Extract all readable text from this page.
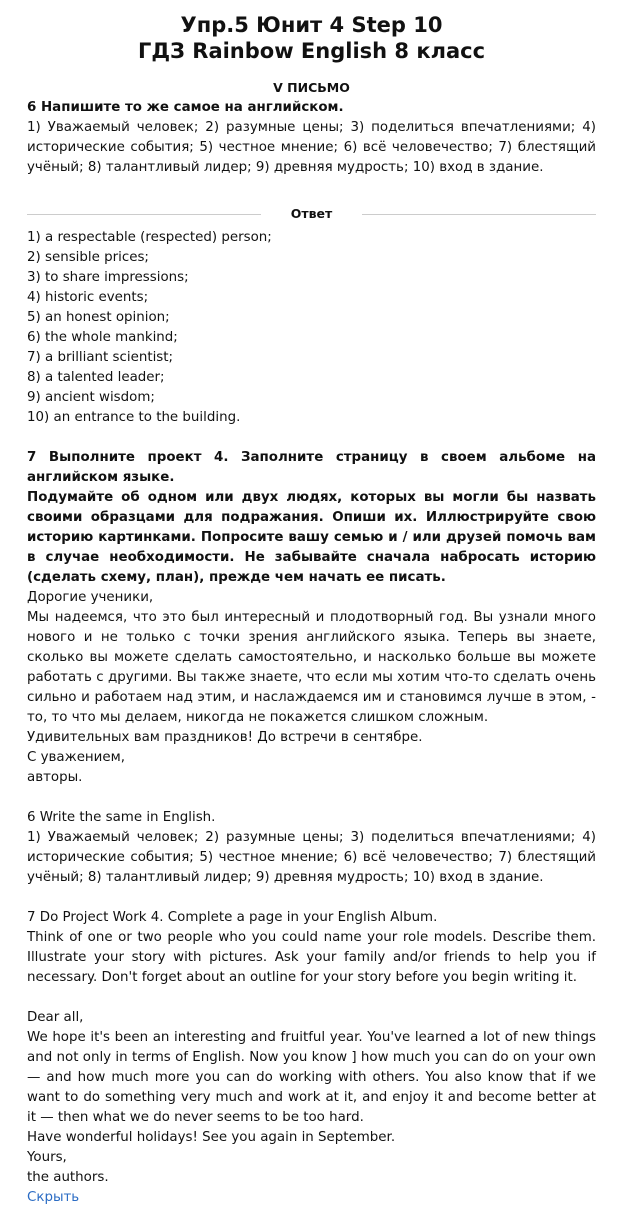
Упр.5 Юнит 4 Step 10
ГДЗ Rainbow English 8 класс
V ПИСЬМО

6 Напишите то же самое на английском.

1) Уважаемый человек; 2) разумные цены; 3) поделиться впечатлениями; 4) исторические события; 5) честное мнение; 6) всё человечество; 7) блестящий учёный; 8) талантливый лидер; 9) древняя мудрость; 10) вход в здание.

Ответ
1) a respectable (respected) person;
2) sensible prices;
3) to share impressions;
4) historic events;
5) an honest opinion;
6) the whole mankind;
7) a brilliant scientist;
8) a talented leader;
9) ancient wisdom;
10) an entrance to the building.

7 Выполните проект 4. Заполните страницу в своем альбоме на английском языке.

Подумайте об одном или двух людях, которых вы могли бы назвать своими образцами для подражания. Опиши их. Иллюстрируйте свою историю картинками. Попросите вашу семью и / или друзей помочь вам в случае необходимости. Не забывайте сначала набросать историю (сделать схему, план), прежде чем начать ее писать.

Дорогие ученики,

Мы надеемся, что это был интересный и плодотворный год. Вы узнали много нового и не только с точки зрения английского языка. Теперь вы знаете, сколько вы можете сделать самостоятельно, и насколько больше вы можете работать с другими. Вы также знаете, что если мы хотим что-то сделать очень сильно и работаем над этим, и наслаждаемся им и становимся лучше в этом, - то, то что мы делаем, никогда не покажется слишком сложным.

Удивительных вам праздников! До встречи в сентябре.

С уважением,

авторы.

6 Write the same in English.

1) Уважаемый человек; 2) разумные цены; 3) поделиться впечатлениями; 4) исторические события; 5) честное мнение; 6) всё человечество; 7) блестящий учёный; 8) талантливый лидер; 9) древняя мудрость; 10) вход в здание.

7 Do Project Work 4. Complete a page in your English Album.

Think of one or two people who you could name your role models. Describe them. Illustrate your story with pictures. Ask your family and/or friends to help you if necessary. Don't forget about an outline for your story before you begin writing it.

Dear all,

We hope it's been an interesting and fruitful year. You've learned a lot of new things and not only in terms of English. Now you know ] how much you can do on your own — and how much more you can do working with others. You also know that if we want to do something very much and work at it, and enjoy it and become better at it — then what we do never seems to be too hard.

Have wonderful holidays! See you again in September.

Yours,

the authors.

Скрыть
